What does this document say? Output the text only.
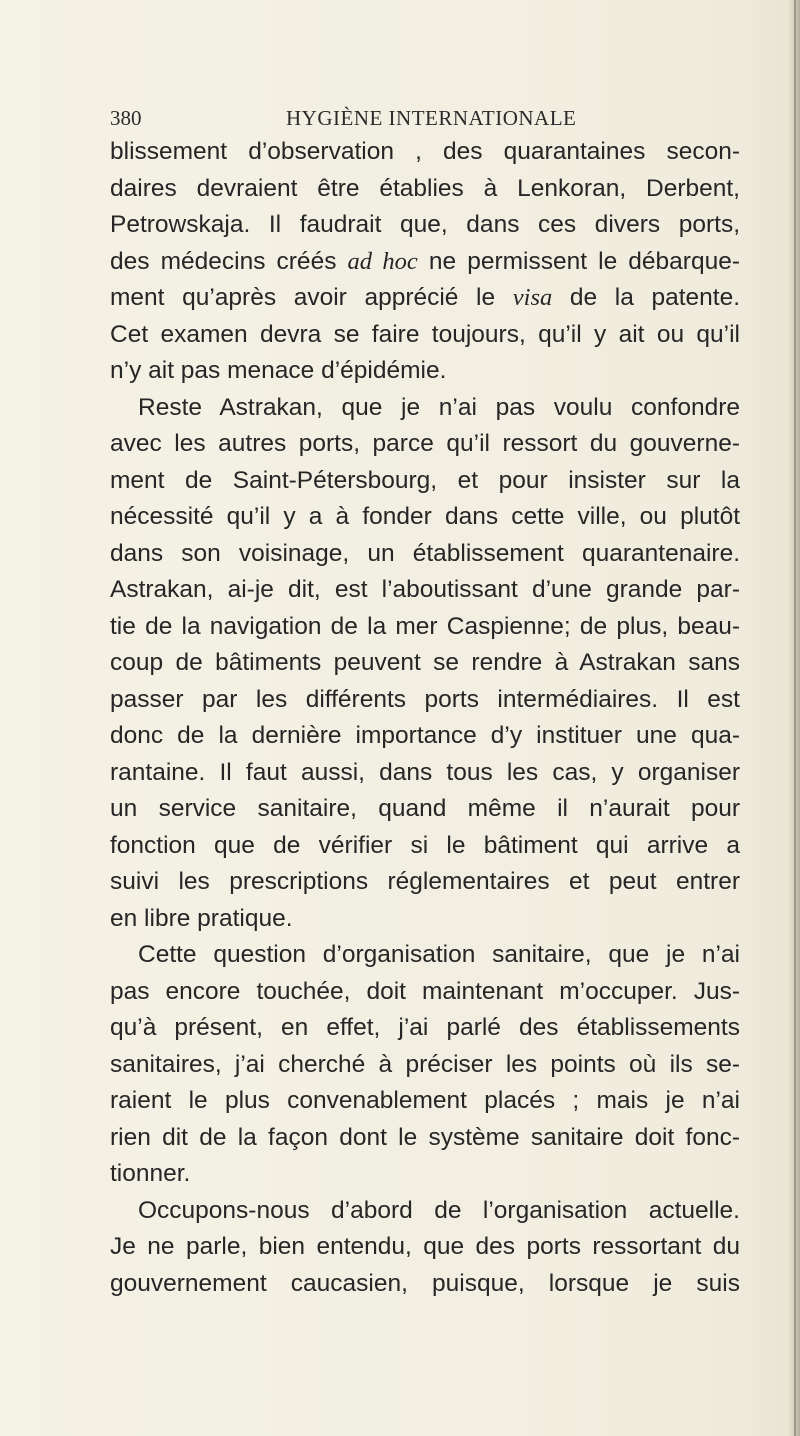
380	HYGIÈNE INTERNATIONALE
blissement d’observation , des quarantaines secon-
daires devraient être établies à Lenkoran, Derbent,
Petrowskaja. Il faudrait que, dans ces divers ports,
des médecins créés ad hoc ne permissent le débarque-
ment qu’après avoir apprécié le visa de la patente.
Cet examen devra se faire toujours, qu’il y ait ou qu’il
n’y ait pas menace d’épidémie.
Reste Astrakan, que je n’ai pas voulu confondre
avec les autres ports, parce qu’il ressort du gouverne-
ment de Saint-Pétersbourg, et pour insister sur la
nécessité qu’il y a à fonder dans cette ville, ou plutôt
dans son voisinage, un établissement quarantenaire.
Astrakan, ai-je dit, est l’aboutissant d’une grande par-
tie de la navigation de la mer Caspienne; de plus, beau-
coup de bâtiments peuvent se rendre à Astrakan sans
passer par les différents ports intermédiaires. Il est
donc de la dernière importance d’y instituer une qua-
rantaine. Il faut aussi, dans tous les cas, y organiser
un service sanitaire, quand même il n’aurait pour
fonction que de vérifier si le bâtiment qui arrive a
suivi les prescriptions réglementaires et peut entrer
en libre pratique.
Cette question d’organisation sanitaire, que je n’ai
pas encore touchée, doit maintenant m’occuper. Jus-
qu’à présent, en effet, j’ai parlé des établissements
sanitaires, j’ai cherché à préciser les points où ils se-
raient le plus convenablement placés ; mais je n’ai
rien dit de la façon dont le système sanitaire doit fonc-
tionner.
Occupons-nous d’abord de l’organisation actuelle.
Je ne parle, bien entendu, que des ports ressortant du
gouvernement caucasien, puisque, lorsque je suis
